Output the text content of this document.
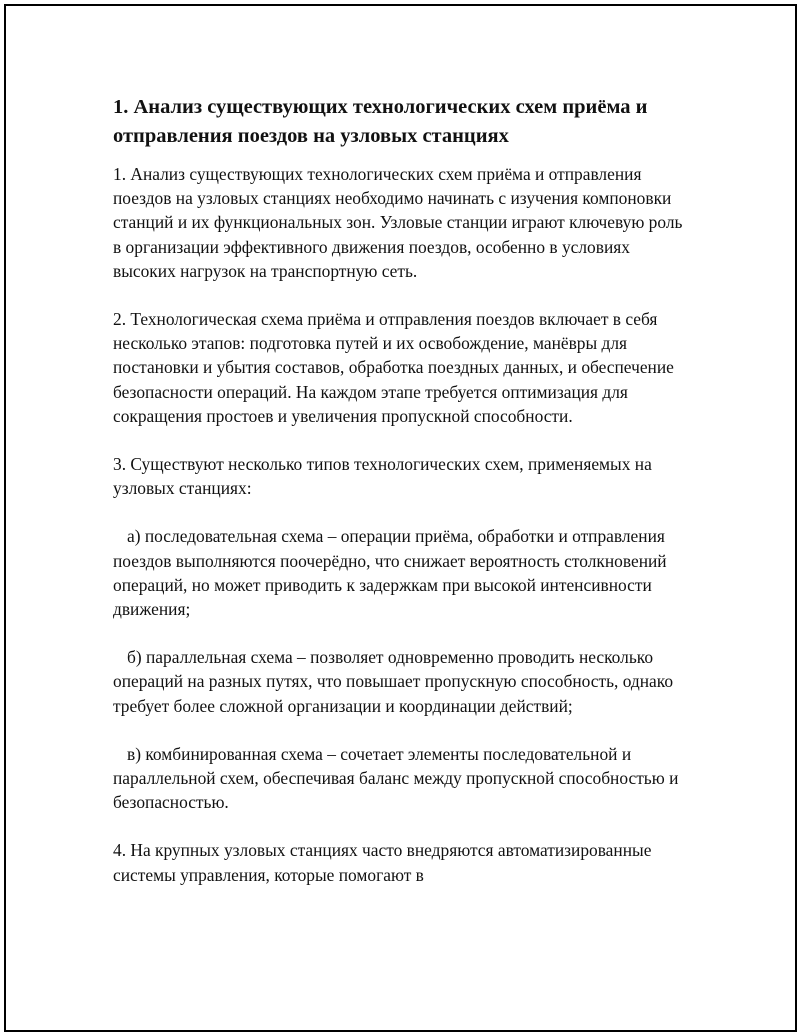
1. Анализ существующих технологических схем приёма и отправления поездов на узловых станциях

1. Анализ существующих технологических схем приёма и отправления поездов на узловых станциях необходимо начинать с изучения компоновки станций и их функциональных зон. Узловые станции играют ключевую роль в организации эффективного движения поездов, особенно в условиях высоких нагрузок на транспортную сеть.

2. Технологическая схема приёма и отправления поездов включает в себя несколько этапов: подготовка путей и их освобождение, манёвры для постановки и убытия составов, обработка поездных данных, и обеспечение безопасности операций. На каждом этапе требуется оптимизация для сокращения простоев и увеличения пропускной способности.

3. Существуют несколько типов технологических схем, применяемых на узловых станциях:

а) последовательная схема – операции приёма, обработки и отправления поездов выполняются поочерёдно, что снижает вероятность столкновений операций, но может приводить к задержкам при высокой интенсивности движения;

б) параллельная схема – позволяет одновременно проводить несколько операций на разных путях, что повышает пропускную способность, однако требует более сложной организации и координации действий;

в) комбинированная схема – сочетает элементы последовательной и параллельной схем, обеспечивая баланс между пропускной способностью и безопасностью.

4. На крупных узловых станциях часто внедряются автоматизированные системы управления, которые помогают в
